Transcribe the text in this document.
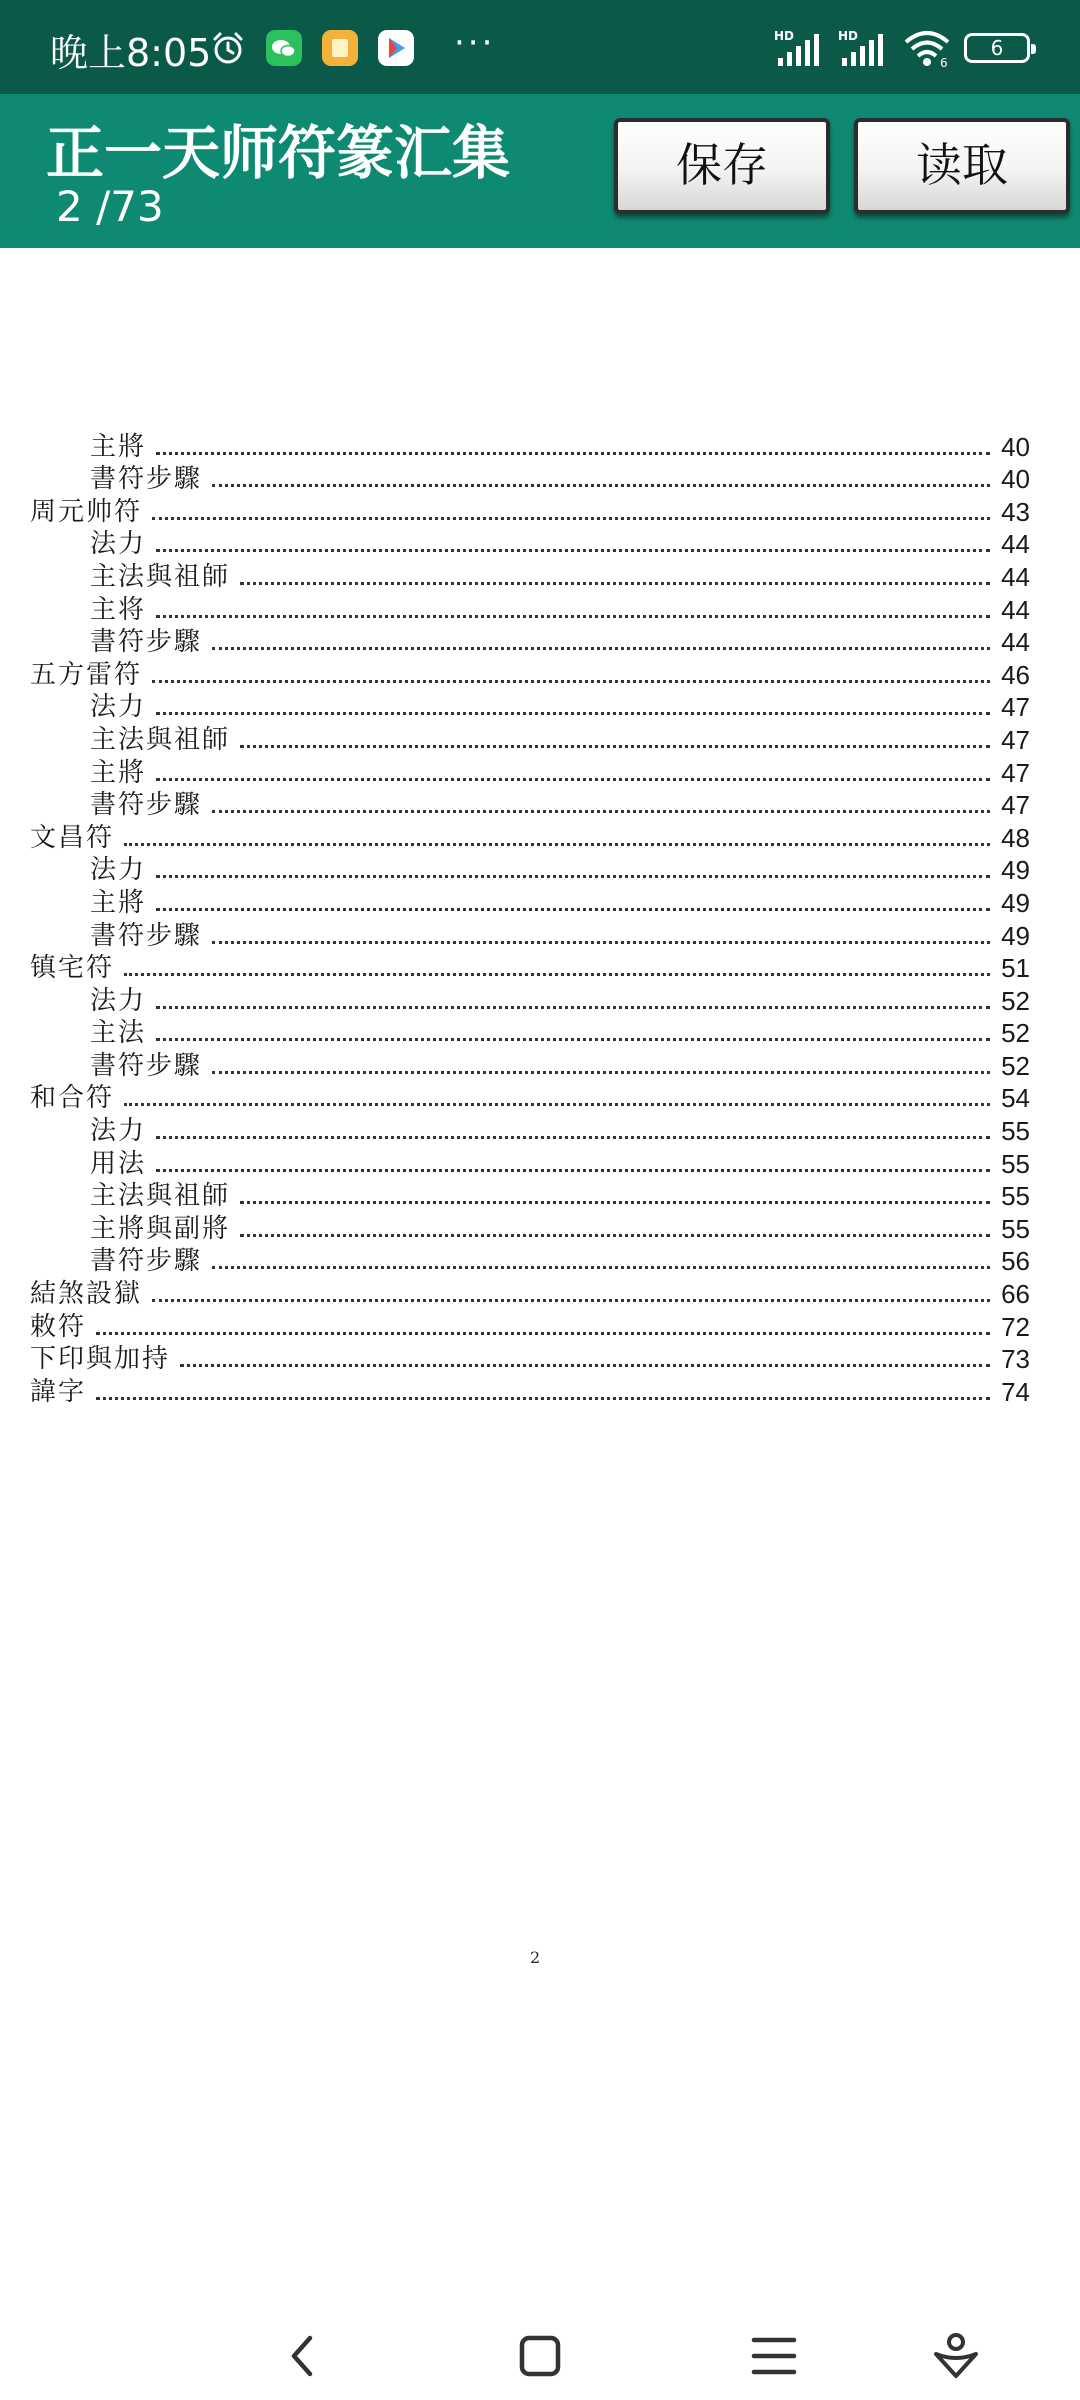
晚上8:05	···	HD	HD
6
6
正一天师符篆汇集
2 /73
保存	读取
主將	40
書符步驟	40
周元帅符	43
法力	44
主法與祖師	44
主将	44
書符步驟	44
五方雷符	46
法力	47
主法與祖師	47
主將	47
書符步驟	47
文昌符	48
法力	49
主將	49
書符步驟	49
镇宅符	51
法力	52
主法	52
書符步驟	52
和合符	54
法力	55
用法	55
主法與祖師	55
主將與副將	55
書符步驟	56
結煞設獄	66
敕符	72
下印與加持	73
諱字	74
2
